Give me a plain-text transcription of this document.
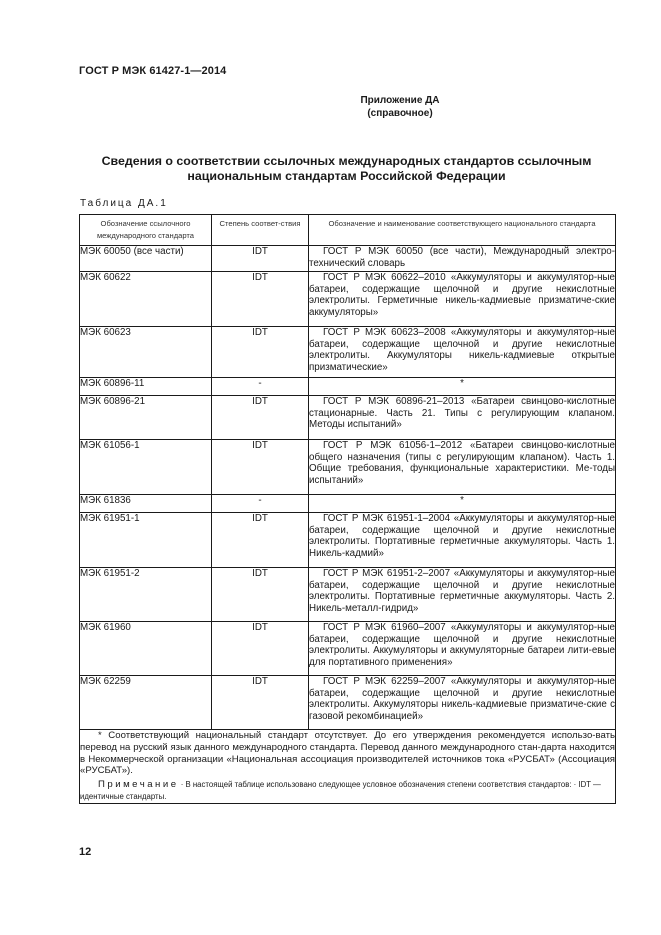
ГОСТ Р МЭК 61427-1—2014
Приложение ДА
(справочное)
Сведения о соответствии ссылочных международных стандартов ссылочным национальным стандартам Российской Федерации
Таблица ДА.1
Обозначение ссылочного международного стандарта	Степень соответ-ствия	Обозначение и наименование соответствующего национального стандарта
МЭК 60050 (все части)	IDT	ГОСТ Р МЭК 60050 (все части), Международный электро-технический словарь
МЭК 60622	IDT	ГОСТ Р МЭК 60622–2010 «Аккумуляторы и аккумулятор-ные батареи, содержащие щелочной и другие некислотные электролиты. Герметичные никель-кадмиевые призматиче-ские аккумуляторы»
МЭК 60623	IDT	ГОСТ Р МЭК 60623–2008 «Аккумуляторы и аккумулятор-ные батареи, содержащие щелочной и другие некислотные электролиты. Аккумуляторы никель-кадмиевые открытые призматические»
МЭК 60896-11	-	*
МЭК 60896-21	IDT	ГОСТ Р МЭК 60896-21–2013 «Батареи свинцово-кислотные стационарные. Часть 21. Типы с регулирующим клапаном. Методы испытаний»
МЭК 61056-1	IDT	ГОСТ Р МЭК 61056-1–2012 «Батареи свинцово-кислотные общего назначения (типы с регулирующим клапаном). Часть 1. Общие требования, функциональные характеристики. Ме-тоды испытаний»
МЭК 61836	-	*
МЭК 61951-1	IDT	ГОСТ Р МЭК 61951-1–2004 «Аккумуляторы и аккумулятор-ные батареи, содержащие щелочной и другие некислотные электролиты. Портативные герметичные аккумуляторы. Часть 1. Никель-кадмий»
МЭК 61951-2	IDT	ГОСТ Р МЭК 61951-2–2007 «Аккумуляторы и аккумулятор-ные батареи, содержащие щелочной и другие некислотные электролиты. Портативные герметичные аккумуляторы. Часть 2. Никель-металл-гидрид»
МЭК 61960	IDT	ГОСТ Р МЭК 61960–2007 «Аккумуляторы и аккумулятор-ные батареи, содержащие щелочной и другие некислотные электролиты. Аккумуляторы и аккумуляторные батареи лити-евые для портативного применения»
МЭК 62259	IDT	ГОСТ Р МЭК 62259–2007 «Аккумуляторы и аккумулятор-ные батареи, содержащие щелочной и другие некислотные электролиты. Аккумуляторы никель-кадмиевые призматиче-ские с газовой рекомбинацией»

* Соответствующий национальный стандарт отсутствует. До его утверждения рекомендуется использо-вать перевод на русский язык данного международного стандарта. Перевод данного международного стан-дарта находится в Некоммерческой организации «Национальная ассоциация производителей источников тока «РУСБАТ» (Ассоциация «РУСБАТ»).
Примечание · В настоящей таблице использовано следующее условное обозначения степени соответствия стандартов: · IDT — идентичные стандарты.		
12
